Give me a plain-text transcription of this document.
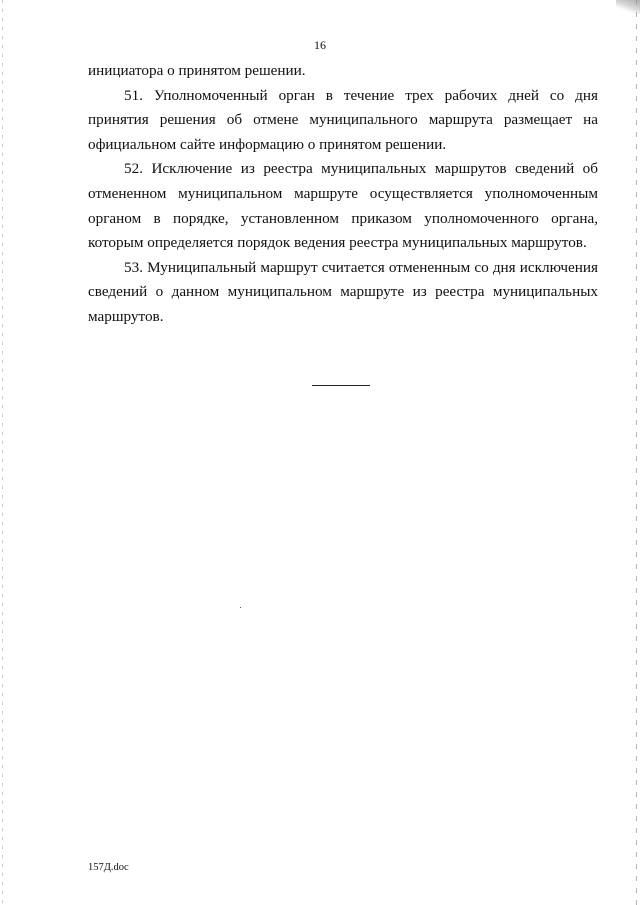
16

инициатора о принятом решении.

51. Уполномоченный орган в течение трех рабочих дней со дня принятия решения об отмене муниципального маршрута размещает на официальном сайте информацию о принятом решении.

52. Исключение из реестра муниципальных маршрутов сведений об отмененном муниципальном маршруте осуществляется уполномоченным органом в порядке, установленном приказом уполномоченного органа, которым определяется порядок ведения реестра муниципальных маршрутов.

53. Муниципальный маршрут считается отмененным со дня исключения сведений о данном муниципальном маршруте из реестра муниципальных маршрутов.

157Д.doc
